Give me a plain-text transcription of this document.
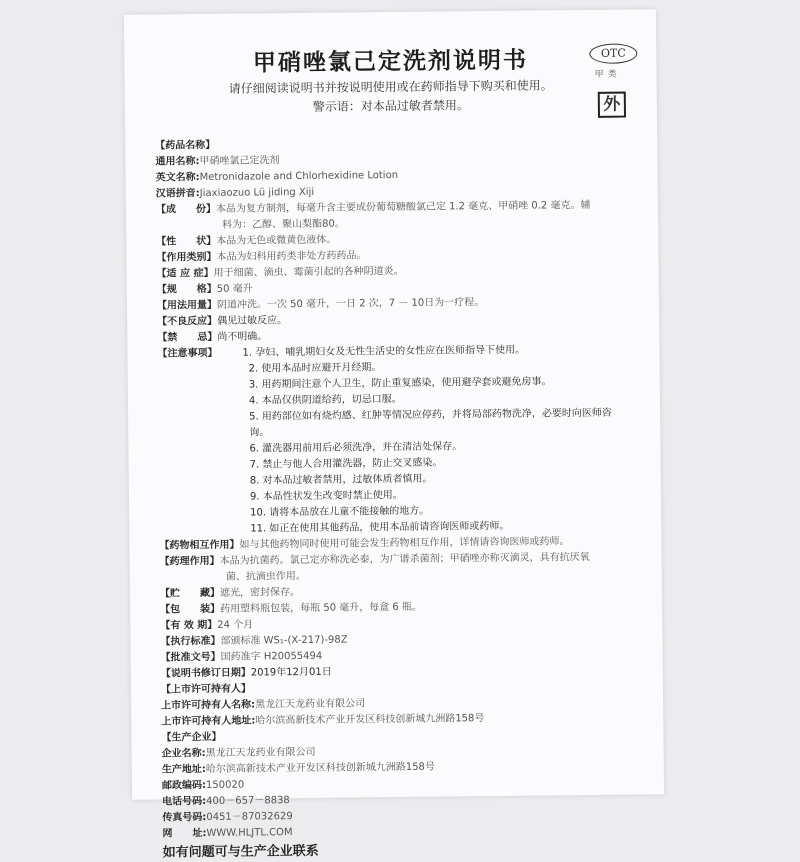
甲硝唑氯己定洗剂说明书	OTC
甲类
外
请仔细阅读说明书并按说明使用或在药师指导下购买和使用。
警示语：对本品过敏者禁用。
【药品名称】
通用名称: 甲硝唑氯己定洗剂
英文名称: Metronidazole and Chlorhexidine Lotion
汉语拼音: Jiaxiaozuo Lü jiding Xiji
【成　　份】 本品为复方制剂，每毫升含主要成份葡萄糖酸氯己定 1.2 毫克、甲硝唑 0.2 毫克。辅
料为：乙醇、聚山梨酯80。
【性　　状】 本品为无色或微黄色液体。
【作用类别】 本品为妇科用药类非处方药药品。
【适 应 症】 用于细菌、滴虫、霉菌引起的各种阴道炎。
【规　　格】 50 毫升
【用法用量】 阴道冲洗。一次 50 毫升，一日 2 次，7 － 10日为一疗程。
【不良反应】 偶见过敏反应。
【禁　　忌】 尚不明确。
【注意事项】	1. 孕妇、哺乳期妇女及无性生活史的女性应在医师指导下使用。
2. 使用本品时应避开月经期。
3. 用药期间注意个人卫生，防止重复感染，使用避孕套或避免房事。
4. 本品仅供阴道给药，切忌口服。
5. 用药部位如有烧灼感、红肿等情况应停药，并将局部药物洗净，必要时向医师咨询。
6. 灌洗器用前用后必须洗净，并在清洁处保存。
7. 禁止与他人合用灌洗器，防止交叉感染。
8. 对本品过敏者禁用，过敏体质者慎用。
9. 本品性状发生改变时禁止使用。
10. 请将本品放在儿童不能接触的地方。
11. 如正在使用其他药品，使用本品前请咨询医师或药师。
【药物相互作用】 如与其他药物同时使用可能会发生药物相互作用，详情请咨询医师或药师。
【药理作用】 本品为抗菌药。氯己定亦称洗必泰，为广谱杀菌剂；甲硝唑亦称灭滴灵，具有抗厌氧
菌、抗滴虫作用。
【贮　　藏】 遮光，密封保存。
【包　　装】 药用塑料瓶包装，每瓶 50 毫升，每盒 6 瓶。
【有 效 期】 24 个月
【执行标准】 部颁标准 WS₁-(X-217)-98Z
【批准文号】 国药准字 H20055494
【说明书修订日期】 2019年12月01日
【上市许可持有人】
上市许可持有人名称: 黑龙江天龙药业有限公司
上市许可持有人地址: 哈尔滨高新技术产业开发区科技创新城九洲路158号
【生产企业】
企业名称: 黑龙江天龙药业有限公司
生产地址: 哈尔滨高新技术产业开发区科技创新城九洲路158号
邮政编码: 150020
电话号码: 400－657－8838
传真号码: 0451－87032629
网　　址: WWW.HLJTL.COM
如有问题可与生产企业联系
